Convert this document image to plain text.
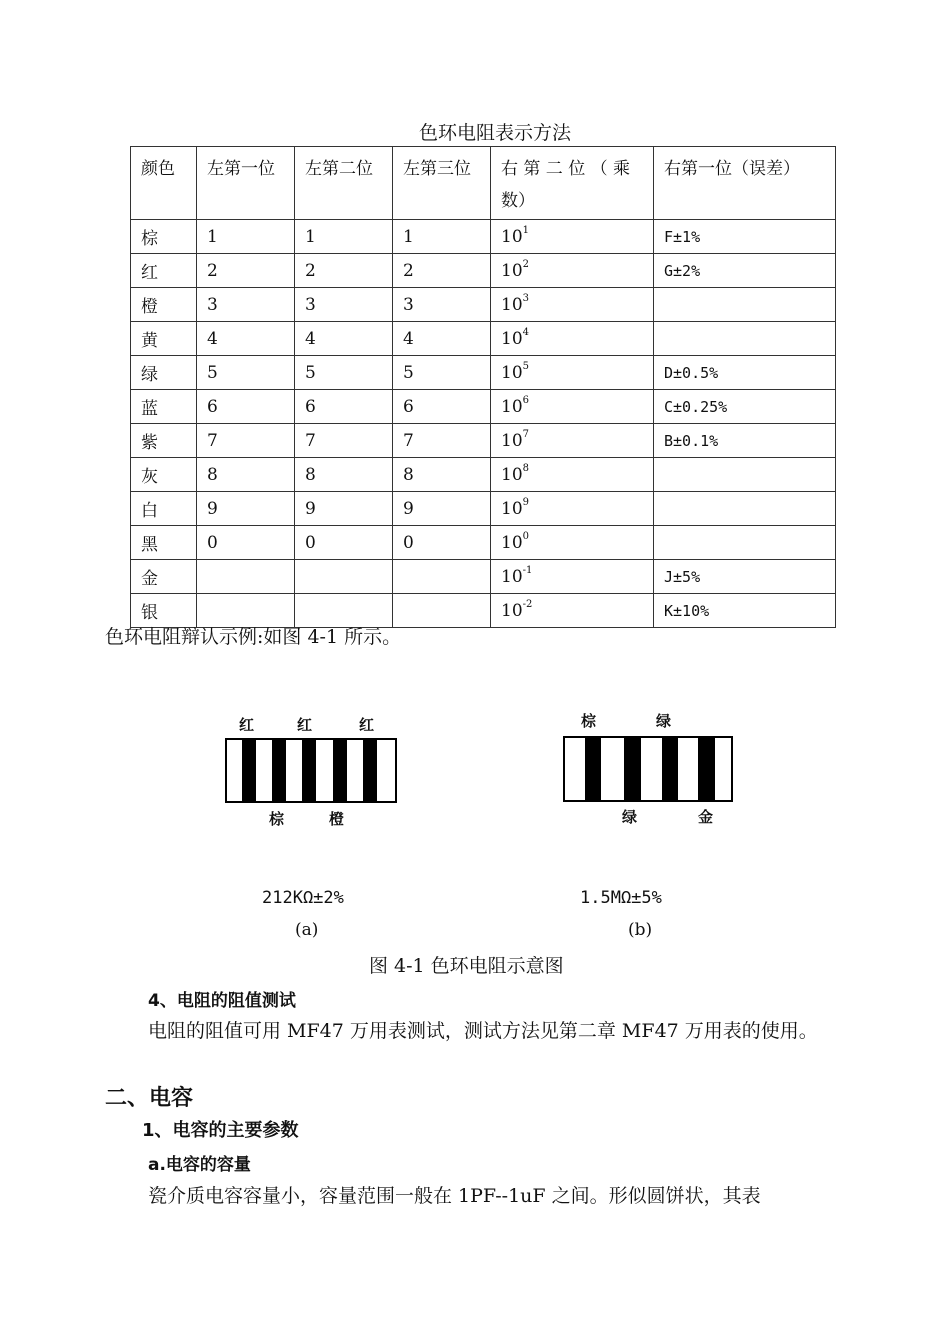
色环电阻表示方法
颜色	左第一位	左第二位	左第三位	右 第 二 位 （ 乘 数）	右第一位（误差）
棕	1	1	1	$10^1$	F±1%
红	2	2	2	$10^2$	G±2%
橙	3	3	3	$10^3$	
黄	4	4	4	$10^4$	
绿	5	5	5	$10^5$	D±0.5%
蓝	6	6	6	$10^6$	C±0.25%
紫	7	7	7	$10^7$	B±0.1%
灰	8	8	8	$10^8$	
白	9	9	9	$10^9$	
黑	0	0	0	$10^0$	
金				$10^{-1}$	J±5%
银				$10^{-2}$	K±10%
色环电阻辩认示例:如图 4-1 所示。
红	红	红
棕	橙
212KΩ±2%
(a)
棕	绿
绿	金
1.5MΩ±5%
(b)
图 4-1 色环电阻示意图
4、电阻的阻值测试
电阻的阻值可用 MF47 万用表测试，测试方法见第二章 MF47 万用表的使用。
二、电容
1、电容的主要参数
a.电容的容量
瓷介质电容容量小，容量范围一般在 1PF--1uF 之间。形似圆饼状，其表
